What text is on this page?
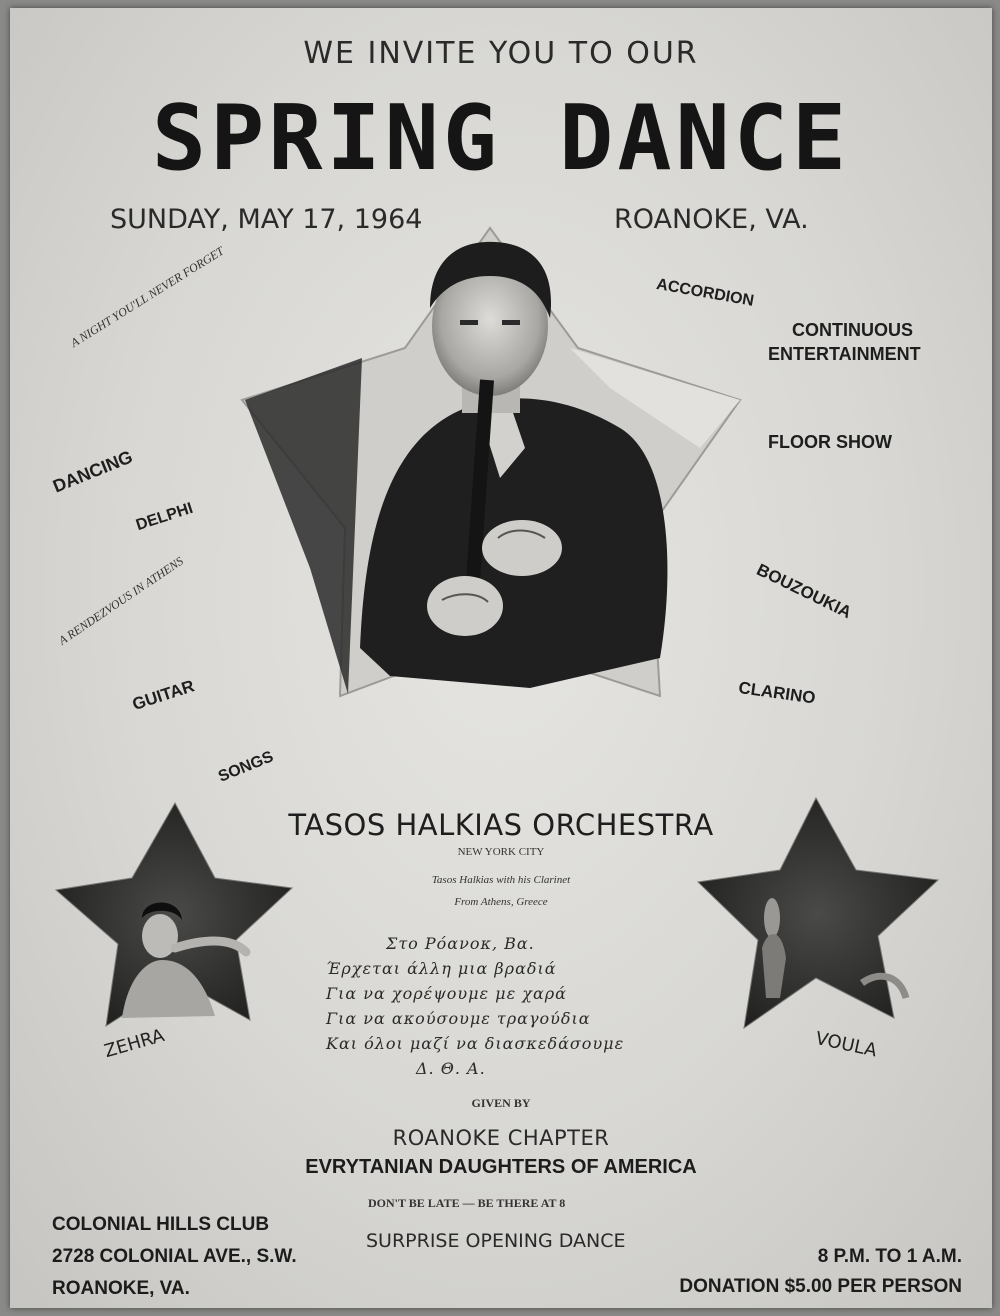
WE INVITE YOU TO OUR
SPRING DANCE
SUNDAY, MAY 17, 1964	ROANOKE, VA.
A NIGHT YOU'LL NEVER FORGET
DANCING
DELPHI
A RENDEZVOUS IN ATHENS
GUITAR
SONGS
ACCORDION
CONTINUOUS
ENTERTAINMENT
FLOOR SHOW
BOUZOUKIA
CLARINO
TASOS HALKIAS ORCHESTRA
NEW YORK CITY
Tasos Halkias with his Clarinet
From Athens, Greece
ZEHRA	VOULA
Στο Ρόανοκ, Βα.
Έρχεται άλλη μια βραδιά
Για να χορέψουμε με χαρά
Για να ακούσουμε τραγούδια
Και όλοι μαζί να διασκεδάσουμε
Δ. Θ. Α.
GIVEN BY
ROANOKE CHAPTER
EVRYTANIAN DAUGHTERS OF AMERICA
DON'T BE LATE — BE THERE AT 8
SURPRISE OPENING DANCE
COLONIAL HILLS CLUB
2728 COLONIAL AVE., S.W.
ROANOKE, VA.
8 P.M. TO 1 A.M.
DONATION $5.00 PER PERSON
